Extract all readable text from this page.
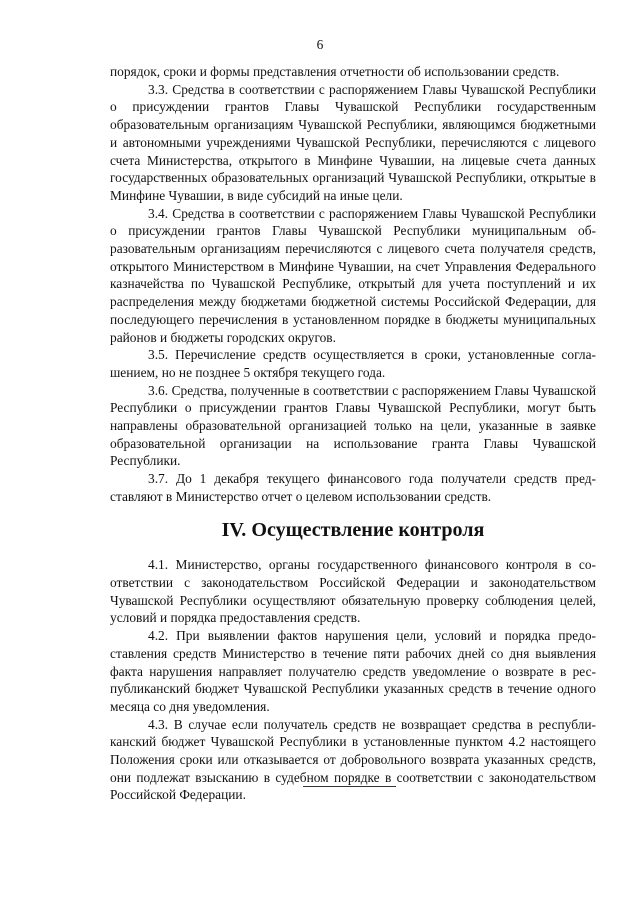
6

порядок, сроки и формы представления отчетности об использовании средств.

3.3. Средства в соответствии с распоряжением Главы Чувашской Республики о присуждении грантов Главы Чувашской Республики государственным образовательным организациям Чувашской Республики, являющимся бюджетными и автономными учреждениями Чувашской Республики, перечисляются с лицевого счета Министерства, открытого в Минфине Чувашии, на лицевые счета данных государственных образовательных организаций Чувашской Республики, открытые в Минфине Чувашии, в виде субсидий на иные цели.

3.4. Средства в соответствии с распоряжением Главы Чувашской Республики о присуждении грантов Главы Чувашской Республики муниципальным образовательным организациям перечисляются с лицевого счета получателя средств, открытого Министерством в Минфине Чувашии, на счет Управления Федерального казначейства по Чувашской Республике, открытый для учета поступлений и их распределения между бюджетами бюджетной системы Российской Федерации, для последующего перечисления в установленном порядке в бюджеты муниципальных районов и бюджеты городских округов.

3.5. Перечисление средств осуществляется в сроки, установленные соглашением, но не позднее 5 октября текущего года.

3.6. Средства, полученные в соответствии с распоряжением Главы Чувашской Республики о присуждении грантов Главы Чувашской Республики, могут быть направлены образовательной организацией только на цели, указанные в заявке образовательной организации на использование гранта Главы Чувашской Республики.

3.7. До 1 декабря текущего финансового года получатели средств представляют в Министерство отчет о целевом использовании средств.

IV. Осуществление контроля

4.1. Министерство, органы государственного финансового контроля в соответствии с законодательством Российской Федерации и законодательством Чувашской Республики осуществляют обязательную проверку соблюдения целей, условий и порядка предоставления средств.

4.2. При выявлении фактов нарушения цели, условий и порядка предоставления средств Министерство в течение пяти рабочих дней со дня выявления факта нарушения направляет получателю средств уведомление о возврате в республиканский бюджет Чувашской Республики указанных средств в течение одного месяца со дня уведомления.

4.3. В случае если получатель средств не возвращает средства в республиканский бюджет Чувашской Республики в установленные пунктом 4.2 настоящего Положения сроки или отказывается от добровольного возврата указанных средств, они подлежат взысканию в судебном порядке в соответствии с законодательством Российской Федерации.
